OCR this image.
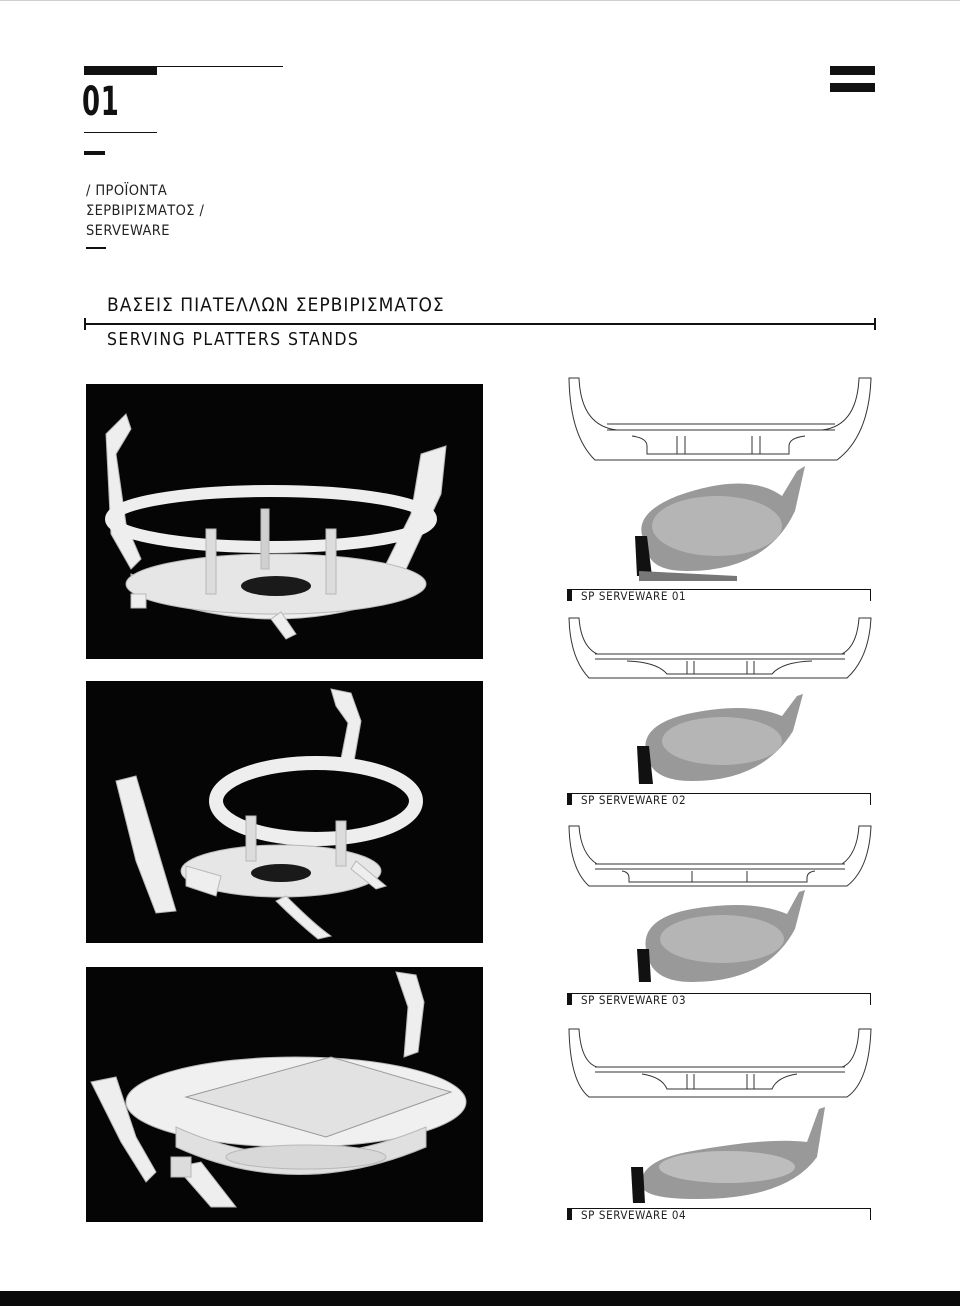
01
/ ΠΡΟΪΟΝΤΑ
ΣΕΡΒΙΡΙΣΜΑΤΟΣ /
SERVEWARE
ΒΑΣΕΙΣ ΠΙΑΤΕΛΛΩΝ ΣΕΡΒΙΡΙΣΜΑΤΟΣ
SERVING PLATTERS STANDS
SP SERVEWARE 01
SP SERVEWARE 02
SP SERVEWARE 03
SP SERVEWARE 04
